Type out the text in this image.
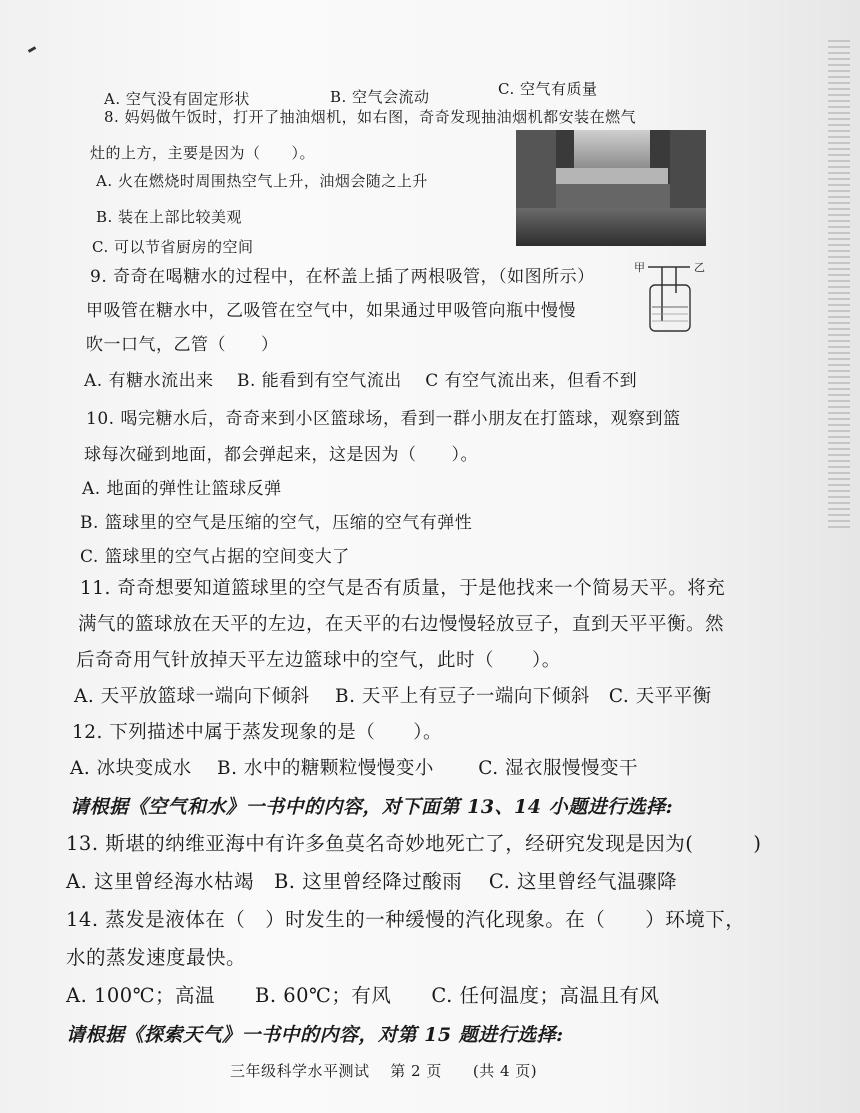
A. 空气没有固定形状	B. 空气会流动	C. 空气有质量
8. 妈妈做午饭时，打开了抽油烟机，如右图，奇奇发现抽油烟机都安装在燃气
灶的上方，主要是因为（　　）。
A. 火在燃烧时周围热空气上升，油烟会随之上升
B. 装在上部比较美观
C. 可以节省厨房的空间
9. 奇奇在喝糖水的过程中，在杯盖上插了两根吸管，（如图所示）
甲吸管在糖水中，乙吸管在空气中，如果通过甲吸管向瓶中慢慢
吹一口气，乙管（　　）
甲	乙
A. 有糖水流出来　 B. 能看到有空气流出　 C 有空气流出来，但看不到
10. 喝完糖水后，奇奇来到小区篮球场，看到一群小朋友在打篮球，观察到篮
球每次碰到地面，都会弹起来，这是因为（　　）。
A. 地面的弹性让篮球反弹
B. 篮球里的空气是压缩的空气，压缩的空气有弹性
C. 篮球里的空气占据的空间变大了
11. 奇奇想要知道篮球里的空气是否有质量，于是他找来一个简易天平。将充
满气的篮球放在天平的左边，在天平的右边慢慢轻放豆子，直到天平平衡。然
后奇奇用气针放掉天平左边篮球中的空气，此时（　　）。
A. 天平放篮球一端向下倾斜　 B. 天平上有豆子一端向下倾斜　C. 天平平衡
12. 下列描述中属于蒸发现象的是（　　）。
A. 冰块变成水　 B. 水中的糖颗粒慢慢变小　　 C. 湿衣服慢慢变干
请根据《空气和水》一书中的内容，对下面第 13、14 小题进行选择:
13. 斯堪的纳维亚海中有许多鱼莫名奇妙地死亡了，经研究发现是因为(　　　)
A. 这里曾经海水枯竭　B. 这里曾经降过酸雨　 C. 这里曾经气温骤降
14. 蒸发是液体在（　）时发生的一种缓慢的汽化现象。在（　　）环境下，
水的蒸发速度最快。
A. 100℃；高温　　B. 60℃；有风　　C. 任何温度；高温且有风
请根据《探索天气》一书中的内容，对第 15 题进行选择:
三年级科学水平测试　 第 2 页　　(共 4 页)
